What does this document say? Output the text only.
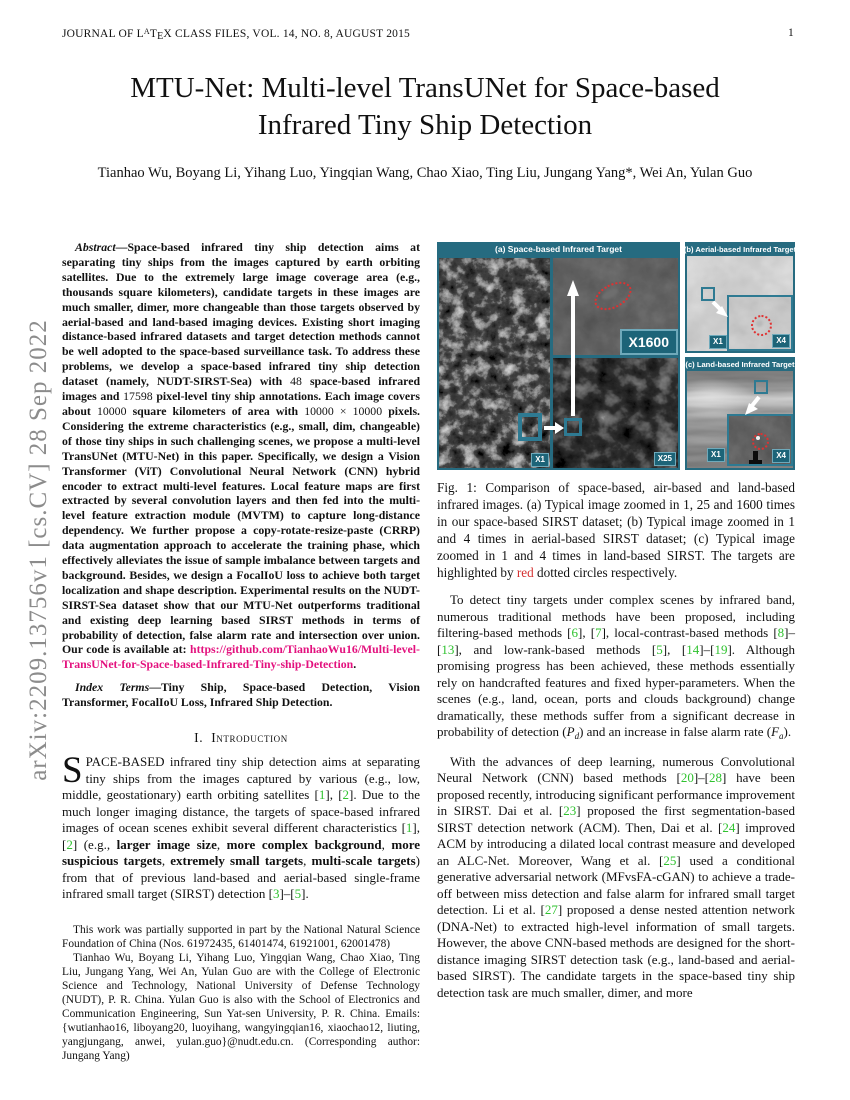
JOURNAL OF $L^ATEX$ CLASS FILES, VOL. 14, NO. 8, AUGUST 2015	1
arXiv:2209.13756v1 [cs.CV] 28 Sep 2022
MTU-Net: Multi-level TransUNet for Space-based Infrared Tiny Ship Detection
Tianhao Wu, Boyang Li, Yihang Luo, Yingqian Wang, Chao Xiao, Ting Liu, Jungang Yang*, Wei An, Yulan Guo

Abstract—Space-based infrared tiny ship detection aims at separating tiny ships from the images captured by earth orbiting satellites. Due to the extremely large image coverage area (e.g., thousands square kilometers), candidate targets in these images are much smaller, dimer, more changeable than those targets observed by aerial-based and land-based imaging devices. Existing short imaging distance-based infrared datasets and target detection methods cannot be well adopted to the space-based surveillance task. To address these problems, we develop a space-based infrared tiny ship detection dataset (namely, NUDT-SIRST-Sea) with 48 space-based infrared images and 17598 pixel-level tiny ship annotations. Each image covers about 10000 square kilometers of area with 10000 × 10000 pixels. Considering the extreme characteristics (e.g., small, dim, changeable) of those tiny ships in such challenging scenes, we propose a multi-level TransUNet (MTU-Net) in this paper. Specifically, we design a Vision Transformer (ViT) Convolutional Neural Network (CNN) hybrid encoder to extract multi-level features. Local feature maps are first extracted by several convolution layers and then fed into the multi-level feature extraction module (MVTM) to capture long-distance dependency. We further propose a copy-rotate-resize-paste (CRRP) data augmentation approach to accelerate the training phase, which effectively alleviates the issue of sample imbalance between targets and background. Besides, we design a FocalIoU loss to achieve both target localization and shape description. Experimental results on the NUDT-SIRST-Sea dataset show that our MTU-Net outperforms traditional and existing deep learning based SIRST methods in terms of probability of detection, false alarm rate and intersection over union. Our code is available at: https://github.com/TianhaoWu16/Multi-level-TransUNet-for-Space-based-Infrared-Tiny-ship-Detection.

Index Terms—Tiny Ship, Space-based Detection, Vision Transformer, FocalIoU Loss, Infrared Ship Detection.

I. Introduction

SPACE-BASED infrared tiny ship detection aims at separating tiny ships from the images captured by various (e.g., low, middle, geostationary) earth orbiting satellites [1], [2]. Due to the much longer imaging distance, the targets of space-based infrared images of ocean scenes exhibit several different characteristics [1], [2] (e.g., larger image size, more complex background, more suspicious targets, extremely small targets, multi-scale targets) from that of previous land-based and aerial-based single-frame infrared small target (SIRST) detection [3]–[5].

This work was partially supported in part by the National Natural Science Foundation of China (Nos. 61972435, 61401474, 61921001, 62001478)

Tianhao Wu, Boyang Li, Yihang Luo, Yingqian Wang, Chao Xiao, Ting Liu, Jungang Yang, Wei An, Yulan Guo are with the College of Electronic Science and Technology, National University of Defense Technology (NUDT), P. R. China. Yulan Guo is also with the School of Electronics and Communication Engineering, Sun Yat-sen University, P. R. China. Emails: {wutianhao16, liboyang20, luoyihang, wangyingqian16, xiaochao12, liuting, yangjungang, anwei, yulan.guo}@nudt.edu.cn. (Corresponding author: Jungang Yang)

(a) Space-based Infrared Target
X1
X1600
X25
(b) Aerial-based Infrared Target
X1	X4
(c) Land-based Infrared Target
X1	X4

Fig. 1: Comparison of space-based, air-based and land-based infrared images. (a) Typical image zoomed in 1, 25 and 1600 times in our space-based SIRST dataset; (b) Typical image zoomed in 1 and 4 times in aerial-based SIRST dataset; (c) Typical image zoomed in 1 and 4 times in land-based SIRST. The targets are highlighted by red dotted circles respectively.

To detect tiny targets under complex scenes by infrared band, numerous traditional methods have been proposed, including filtering-based methods [6], [7], local-contrast-based methods [8]–[13], and low-rank-based methods [5], [14]–[19]. Although promising progress has been achieved, these methods essentially rely on handcrafted features and fixed hyper-parameters. When the scenes (e.g., land, ocean, ports and clouds background) change dramatically, these methods suffer from a significant decrease in probability of detection $(P_d)$ and an increase in false alarm rate $(F_a)$.

With the advances of deep learning, numerous Convolutional Neural Network (CNN) based methods [20]–[28] have been proposed recently, introducing significant performance improvement in SIRST. Dai et al. [23] proposed the first segmentation-based SIRST detection network (ACM). Then, Dai et al. [24] improved ACM by introducing a dilated local contrast measure and developed an ALC-Net. Moreover, Wang et al. [25] used a conditional generative adversarial network (MFvsFA-cGAN) to achieve a trade-off between miss detection and false alarm for infrared small target detection. Li et al. [27] proposed a dense nested attention network (DNA-Net) to extracted high-level information of small targets. However, the above CNN-based methods are designed for the short-distance imaging SIRST detection task (e.g., land-based and aerial-based SIRST). The candidate targets in the space-based tiny ship detection task are much smaller, dimer, and more
